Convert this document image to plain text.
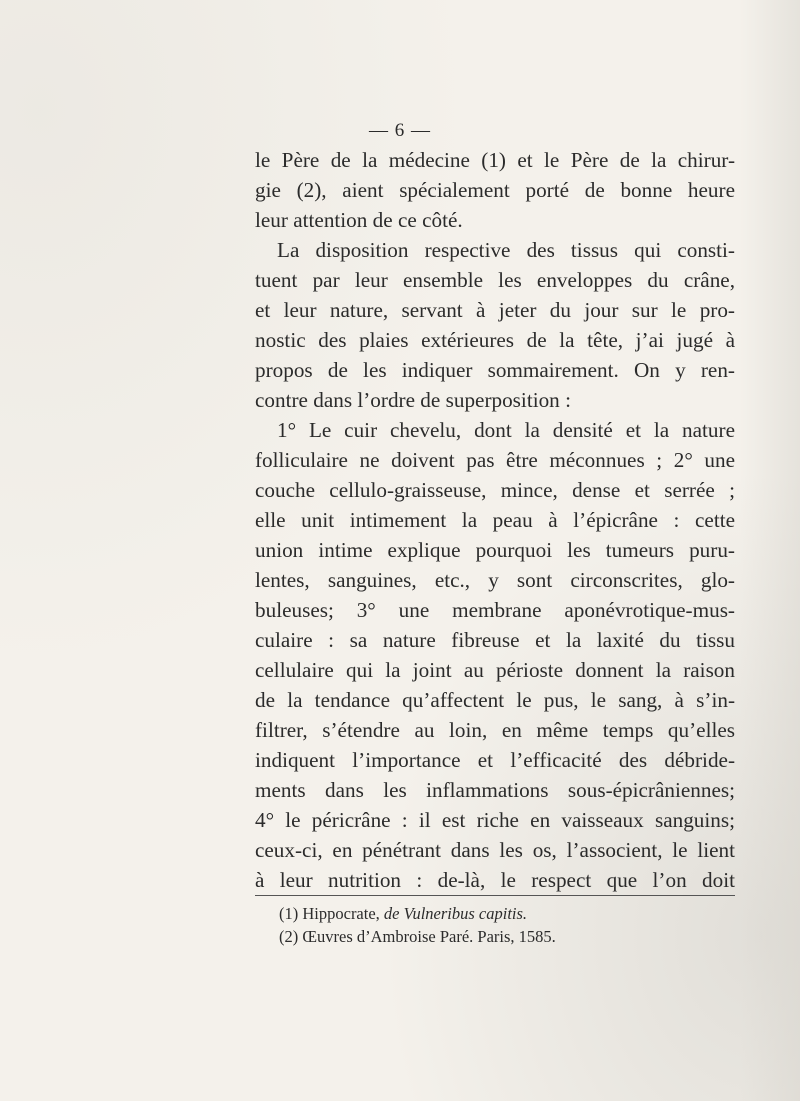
— 6 —
le Père de la médecine (1) et le Père de la chirur-
gie (2), aient spécialement porté de bonne heure
leur attention de ce côté.
La disposition respective des tissus qui consti-
tuent par leur ensemble les enveloppes du crâne,
et leur nature, servant à jeter du jour sur le pro-
nostic des plaies extérieures de la tête, j’ai jugé à
propos de les indiquer sommairement. On y ren-
contre dans l’ordre de superposition :
1° Le cuir chevelu, dont la densité et la nature
folliculaire ne doivent pas être méconnues ; 2° une
couche cellulo-graisseuse, mince, dense et serrée ;
elle unit intimement la peau à l’épicrâne : cette
union intime explique pourquoi les tumeurs puru-
lentes, sanguines, etc., y sont circonscrites, glo-
buleuses; 3° une membrane aponévrotique-mus-
culaire : sa nature fibreuse et la laxité du tissu
cellulaire qui la joint au périoste donnent la raison
de la tendance qu’affectent le pus, le sang, à s’in-
filtrer, s’étendre au loin, en même temps qu’elles
indiquent l’importance et l’efficacité des débride-
ments dans les inflammations sous-épicrâniennes;
4° le péricrâne : il est riche en vaisseaux sanguins;
ceux-ci, en pénétrant dans les os, l’associent, le lient
à leur nutrition : de-là, le respect que l’on doit
(1) Hippocrate, de Vulneribus capitis.
(2) Œuvres d’Ambroise Paré. Paris, 1585.
